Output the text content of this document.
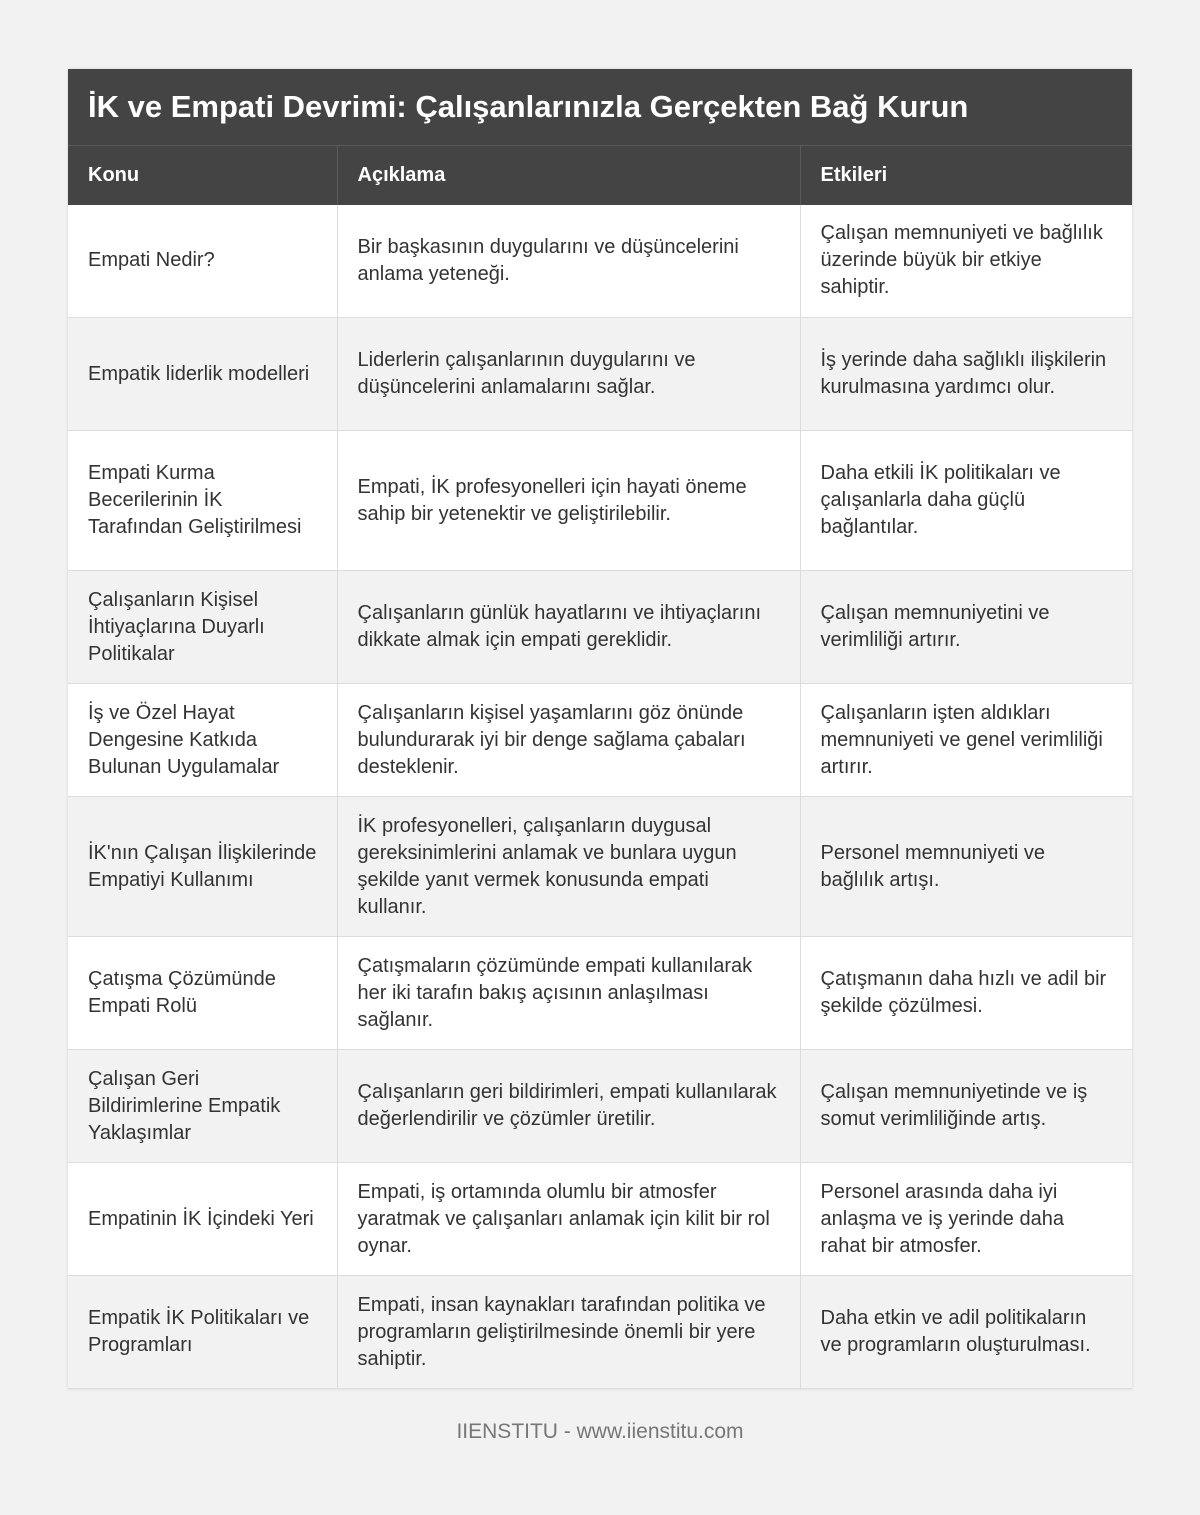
İK ve Empati Devrimi: Çalışanlarınızla Gerçekten Bağ Kurun
Konu	Açıklama	Etkileri
Empati Nedir?	Bir başkasının duygularını ve düşüncelerini anlama yeteneği.	Çalışan memnuniyeti ve bağlılık üzerinde büyük bir etkiye sahiptir.
Empatik liderlik modelleri	Liderlerin çalışanlarının duygularını ve düşüncelerini anlamalarını sağlar.	İş yerinde daha sağlıklı ilişkilerin kurulmasına yardımcı olur.
Empati Kurma Becerilerinin İK Tarafından Geliştirilmesi	Empati, İK profesyonelleri için hayati öneme sahip bir yetenektir ve geliştirilebilir.	Daha etkili İK politikaları ve çalışanlarla daha güçlü bağlantılar.
Çalışanların Kişisel İhtiyaçlarına Duyarlı Politikalar	Çalışanların günlük hayatlarını ve ihtiyaçlarını dikkate almak için empati gereklidir.	Çalışan memnuniyetini ve verimliliği artırır.
İş ve Özel Hayat Dengesine Katkıda Bulunan Uygulamalar	Çalışanların kişisel yaşamlarını göz önünde bulundurarak iyi bir denge sağlama çabaları desteklenir.	Çalışanların işten aldıkları memnuniyeti ve genel verimliliği artırır.
İK'nın Çalışan İlişkilerinde Empatiyi Kullanımı	İK profesyonelleri, çalışanların duygusal gereksinimlerini anlamak ve bunlara uygun şekilde yanıt vermek konusunda empati kullanır.	Personel memnuniyeti ve bağlılık artışı.
Çatışma Çözümünde Empati Rolü	Çatışmaların çözümünde empati kullanılarak her iki tarafın bakış açısının anlaşılması sağlanır.	Çatışmanın daha hızlı ve adil bir şekilde çözülmesi.
Çalışan Geri Bildirimlerine Empatik Yaklaşımlar	Çalışanların geri bildirimleri, empati kullanılarak değerlendirilir ve çözümler üretilir.	Çalışan memnuniyetinde ve iş somut verimliliğinde artış.
Empatinin İK İçindeki Yeri	Empati, iş ortamında olumlu bir atmosfer yaratmak ve çalışanları anlamak için kilit bir rol oynar.	Personel arasında daha iyi anlaşma ve iş yerinde daha rahat bir atmosfer.
Empatik İK Politikaları ve Programları	Empati, insan kaynakları tarafından politika ve programların geliştirilmesinde önemli bir yere sahiptir.	Daha etkin ve adil politikaların ve programların oluşturulması.
IIENSTITU - www.iienstitu.com
